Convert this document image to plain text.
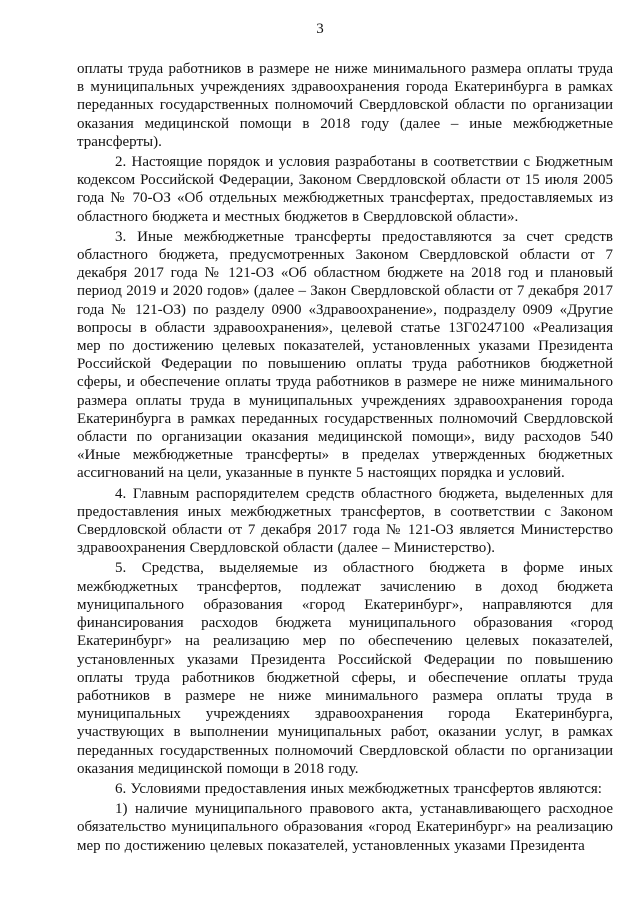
3

оплаты труда работников в размере не ниже минимального размера оплаты труда в муниципальных учреждениях здравоохранения города Екатеринбурга в рамках переданных государственных полномочий Свердловской области по организации оказания медицинской помощи в 2018 году (далее – иные межбюджетные трансферты).

2. Настоящие порядок и условия разработаны в соответствии с Бюджетным кодексом Российской Федерации, Законом Свердловской области от 15 июля 2005 года № 70-ОЗ «Об отдельных межбюджетных трансфертах, предоставляемых из областного бюджета и местных бюджетов в Свердловской области».

3. Иные межбюджетные трансферты предоставляются за счет средств областного бюджета, предусмотренных Законом Свердловской области от 7 декабря 2017 года № 121-ОЗ «Об областном бюджете на 2018 год и плановый период 2019 и 2020 годов» (далее – Закон Свердловской области от 7 декабря 2017 года № 121-ОЗ) по разделу 0900 «Здравоохранение», подразделу 0909 «Другие вопросы в области здравоохранения», целевой статье 13Г0247100 «Реализация мер по достижению целевых показателей, установленных указами Президента Российской Федерации по повышению оплаты труда работников бюджетной сферы, и обеспечение оплаты труда работников в размере не ниже минимального размера оплаты труда в муниципальных учреждениях здравоохранения города Екатеринбурга в рамках переданных государственных полномочий Свердловской области по организации оказания медицинской помощи», виду расходов 540 «Иные межбюджетные трансферты» в пределах утвержденных бюджетных ассигнований на цели, указанные в пункте 5 настоящих порядка и условий.

4. Главным распорядителем средств областного бюджета, выделенных для предоставления иных межбюджетных трансфертов, в соответствии с Законом Свердловской области от 7 декабря 2017 года № 121-ОЗ является Министерство здравоохранения Свердловской области (далее – Министерство).

5. Средства, выделяемые из областного бюджета в форме иных межбюджетных трансфертов, подлежат зачислению в доход бюджета муниципального образования «город Екатеринбург», направляются для финансирования расходов бюджета муниципального образования «город Екатеринбург» на реализацию мер по обеспечению целевых показателей, установленных указами Президента Российской Федерации по повышению оплаты труда работников бюджетной сферы, и обеспечение оплаты труда работников в размере не ниже минимального размера оплаты труда в муниципальных учреждениях здравоохранения города Екатеринбурга, участвующих в выполнении муниципальных работ, оказании услуг, в рамках переданных государственных полномочий Свердловской области по организации оказания медицинской помощи в 2018 году.

6. Условиями предоставления иных межбюджетных трансфертов являются:

1) наличие муниципального правового акта, устанавливающего расходное обязательство муниципального образования «город Екатеринбург» на реализацию мер по достижению целевых показателей, установленных указами Президента
